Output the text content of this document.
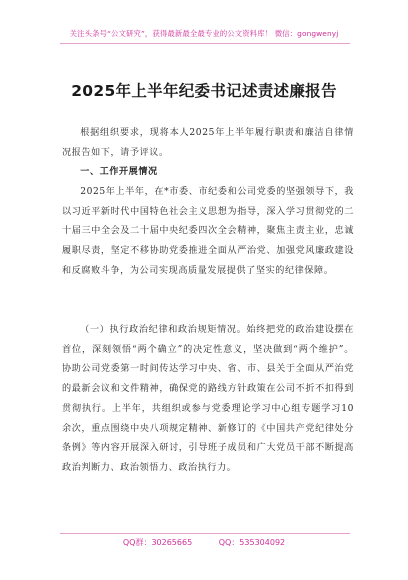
关注头条号“公文研究”，获得最新最全最专业的公文资料库！ 微信：gongwenyj
2025年上半年纪委书记述责述廉报告

根据组织要求，现将本人2025年上半年履行职责和廉洁自律情况报告如下，请予评议。

一、工作开展情况

2025年上半年，在*市委、市纪委和公司党委的坚强领导下，我以习近平新时代中国特色社会主义思想为指导，深入学习贯彻党的二十届三中全会及二十届中央纪委四次全会精神，聚焦主责主业，忠诚履职尽责，坚定不移协助党委推进全面从严治党、加强党风廉政建设和反腐败斗争，为公司实现高质量发展提供了坚实的纪律保障。

（一）执行政治纪律和政治规矩情况。始终把党的政治建设摆在首位，深刻领悟“两个确立”的决定性意义，坚决做到“两个维护”。协助公司党委第一时间传达学习中央、省、市、县关于全面从严治党的最新会议和文件精神，确保党的路线方针政策在公司不折不扣得到贯彻执行。上半年，共组织或参与党委理论学习中心组专题学习10余次，重点围绕中央八项规定精神、新修订的《中国共产党纪律处分条例》等内容开展深入研讨，引导班子成员和广大党员干部不断提高政治判断力、政治领悟力、政治执行力。

QQ群：30265665	QQ：535304092
